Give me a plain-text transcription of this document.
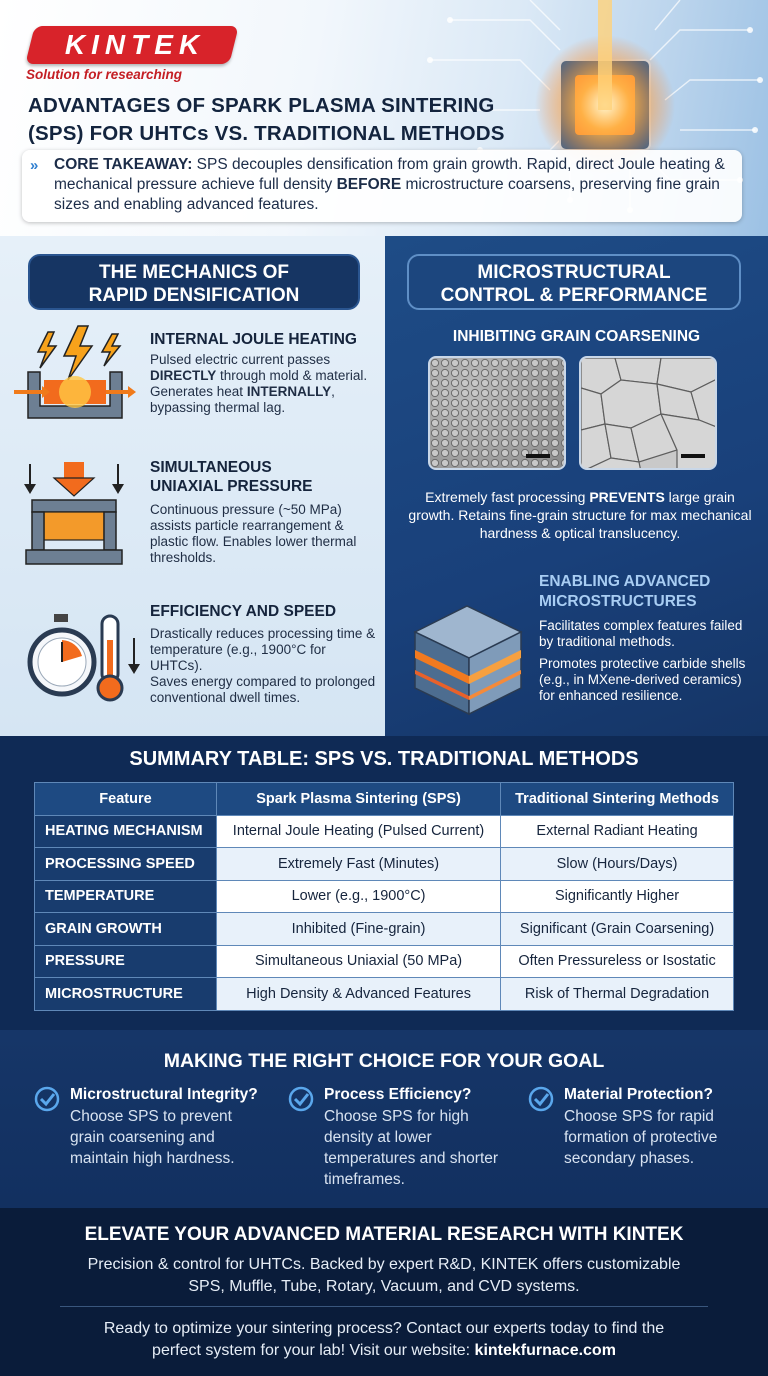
KINTEK
Solution for researching
ADVANTAGES OF SPARK PLASMA SINTERING
(SPS) FOR UHTCs VS. TRADITIONAL METHODS
» CORE TAKEAWAY: SPS decouples densification from grain growth. Rapid, direct Joule heating & mechanical pressure achieve full density BEFORE microstructure coarsens, preserving fine grain sizes and enabling advanced features.
THE MECHANICS OF
RAPID DENSIFICATION
INTERNAL JOULE HEATING
Pulsed electric current passes DIRECTLY through mold & material. Generates heat INTERNALLY, bypassing thermal lag.
SIMULTANEOUS
UNIAXIAL PRESSURE
Continuous pressure (~50 MPa) assists particle rearrangement & plastic flow. Enables lower thermal thresholds.
EFFICIENCY AND SPEED
Drastically reduces processing time & temperature (e.g., 1900°C for UHTCs).
Saves energy compared to prolonged conventional dwell times.
MICROSTRUCTURAL
CONTROL & PERFORMANCE
INHIBITING GRAIN COARSENING
Extremely fast processing PREVENTS large grain growth. Retains fine-grain structure for max mechanical hardness & optical translucency.
ENABLING ADVANCED
MICROSTRUCTURES
Facilitates complex features failed by traditional methods.
Promotes protective carbide shells (e.g., in MXene-derived ceramics) for enhanced resilience.
SUMMARY TABLE: SPS VS. TRADITIONAL METHODS
Feature	Spark Plasma Sintering (SPS)	Traditional Sintering Methods
HEATING MECHANISM	Internal Joule Heating (Pulsed Current)	External Radiant Heating
PROCESSING SPEED	Extremely Fast (Minutes)	Slow (Hours/Days)
TEMPERATURE	Lower (e.g., 1900°C)	Significantly Higher
GRAIN GROWTH	Inhibited (Fine-grain)	Significant (Grain Coarsening)
PRESSURE	Simultaneous Uniaxial (50 MPa)	Often Pressureless or Isostatic
MICROSTRUCTURE	High Density & Advanced Features	Risk of Thermal Degradation
MAKING THE RIGHT CHOICE FOR YOUR GOAL
Microstructural Integrity?
Choose SPS to prevent grain coarsening and maintain high hardness.
Process Efficiency?
Choose SPS for high density at lower temperatures and shorter timeframes.
Material Protection?
Choose SPS for rapid formation of protective secondary phases.
ELEVATE YOUR ADVANCED MATERIAL RESEARCH WITH KINTEK
Precision & control for UHTCs. Backed by expert R&D, KINTEK offers customizable
SPS, Muffle, Tube, Rotary, Vacuum, and CVD systems.
Ready to optimize your sintering process? Contact our experts today to find the
perfect system for your lab! Visit our website: kintekfurnace.com
